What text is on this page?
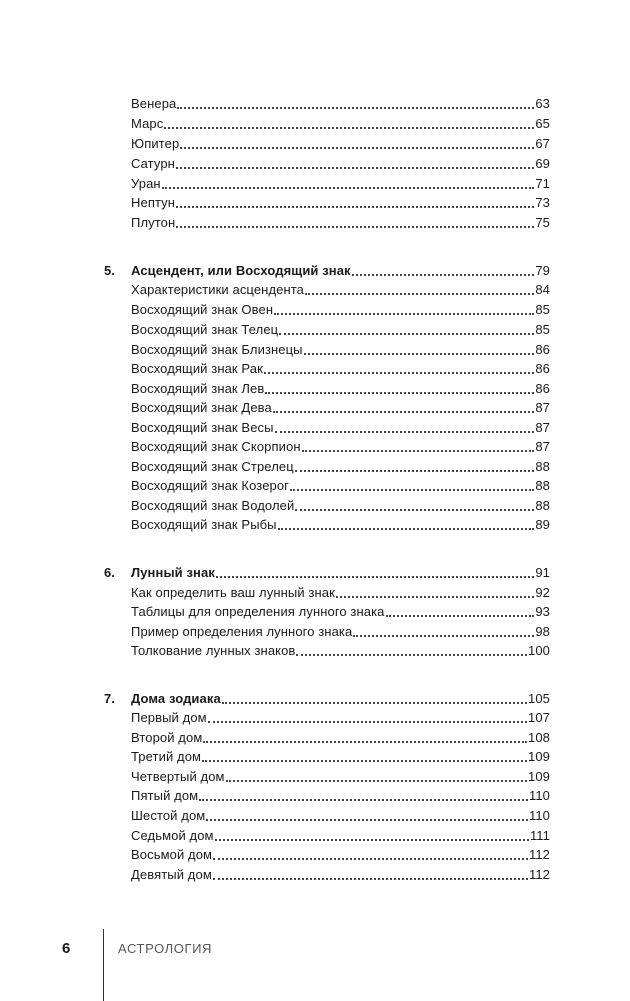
Венера	63
Марс	65
Юпитер	67
Сатурн	69
Уран	71
Нептун	73
Плутон	75
5. Асцендент, или Восходящий знак	79
Характеристики асцендента	84
Восходящий знак Овен	85
Восходящий знак Телец	85
Восходящий знак Близнецы	86
Восходящий знак Рак	86
Восходящий знак Лев	86
Восходящий знак Дева	87
Восходящий знак Весы	87
Восходящий знак Скорпион	87
Восходящий знак Стрелец	88
Восходящий знак Козерог	88
Восходящий знак Водолей	88
Восходящий знак Рыбы	89
6. Лунный знак	91
Как определить ваш лунный знак	92
Таблицы для определения лунного знака	93
Пример определения лунного знака	98
Толкование лунных знаков	100
7. Дома зодиака	105
Первый дом	107
Второй дом	108
Третий дом	109
Четвертый дом	109
Пятый дом	110
Шестой дом	110
Седьмой дом	111
Восьмой дом	112
Девятый дом	112
6	АСТРОЛОГИЯ
